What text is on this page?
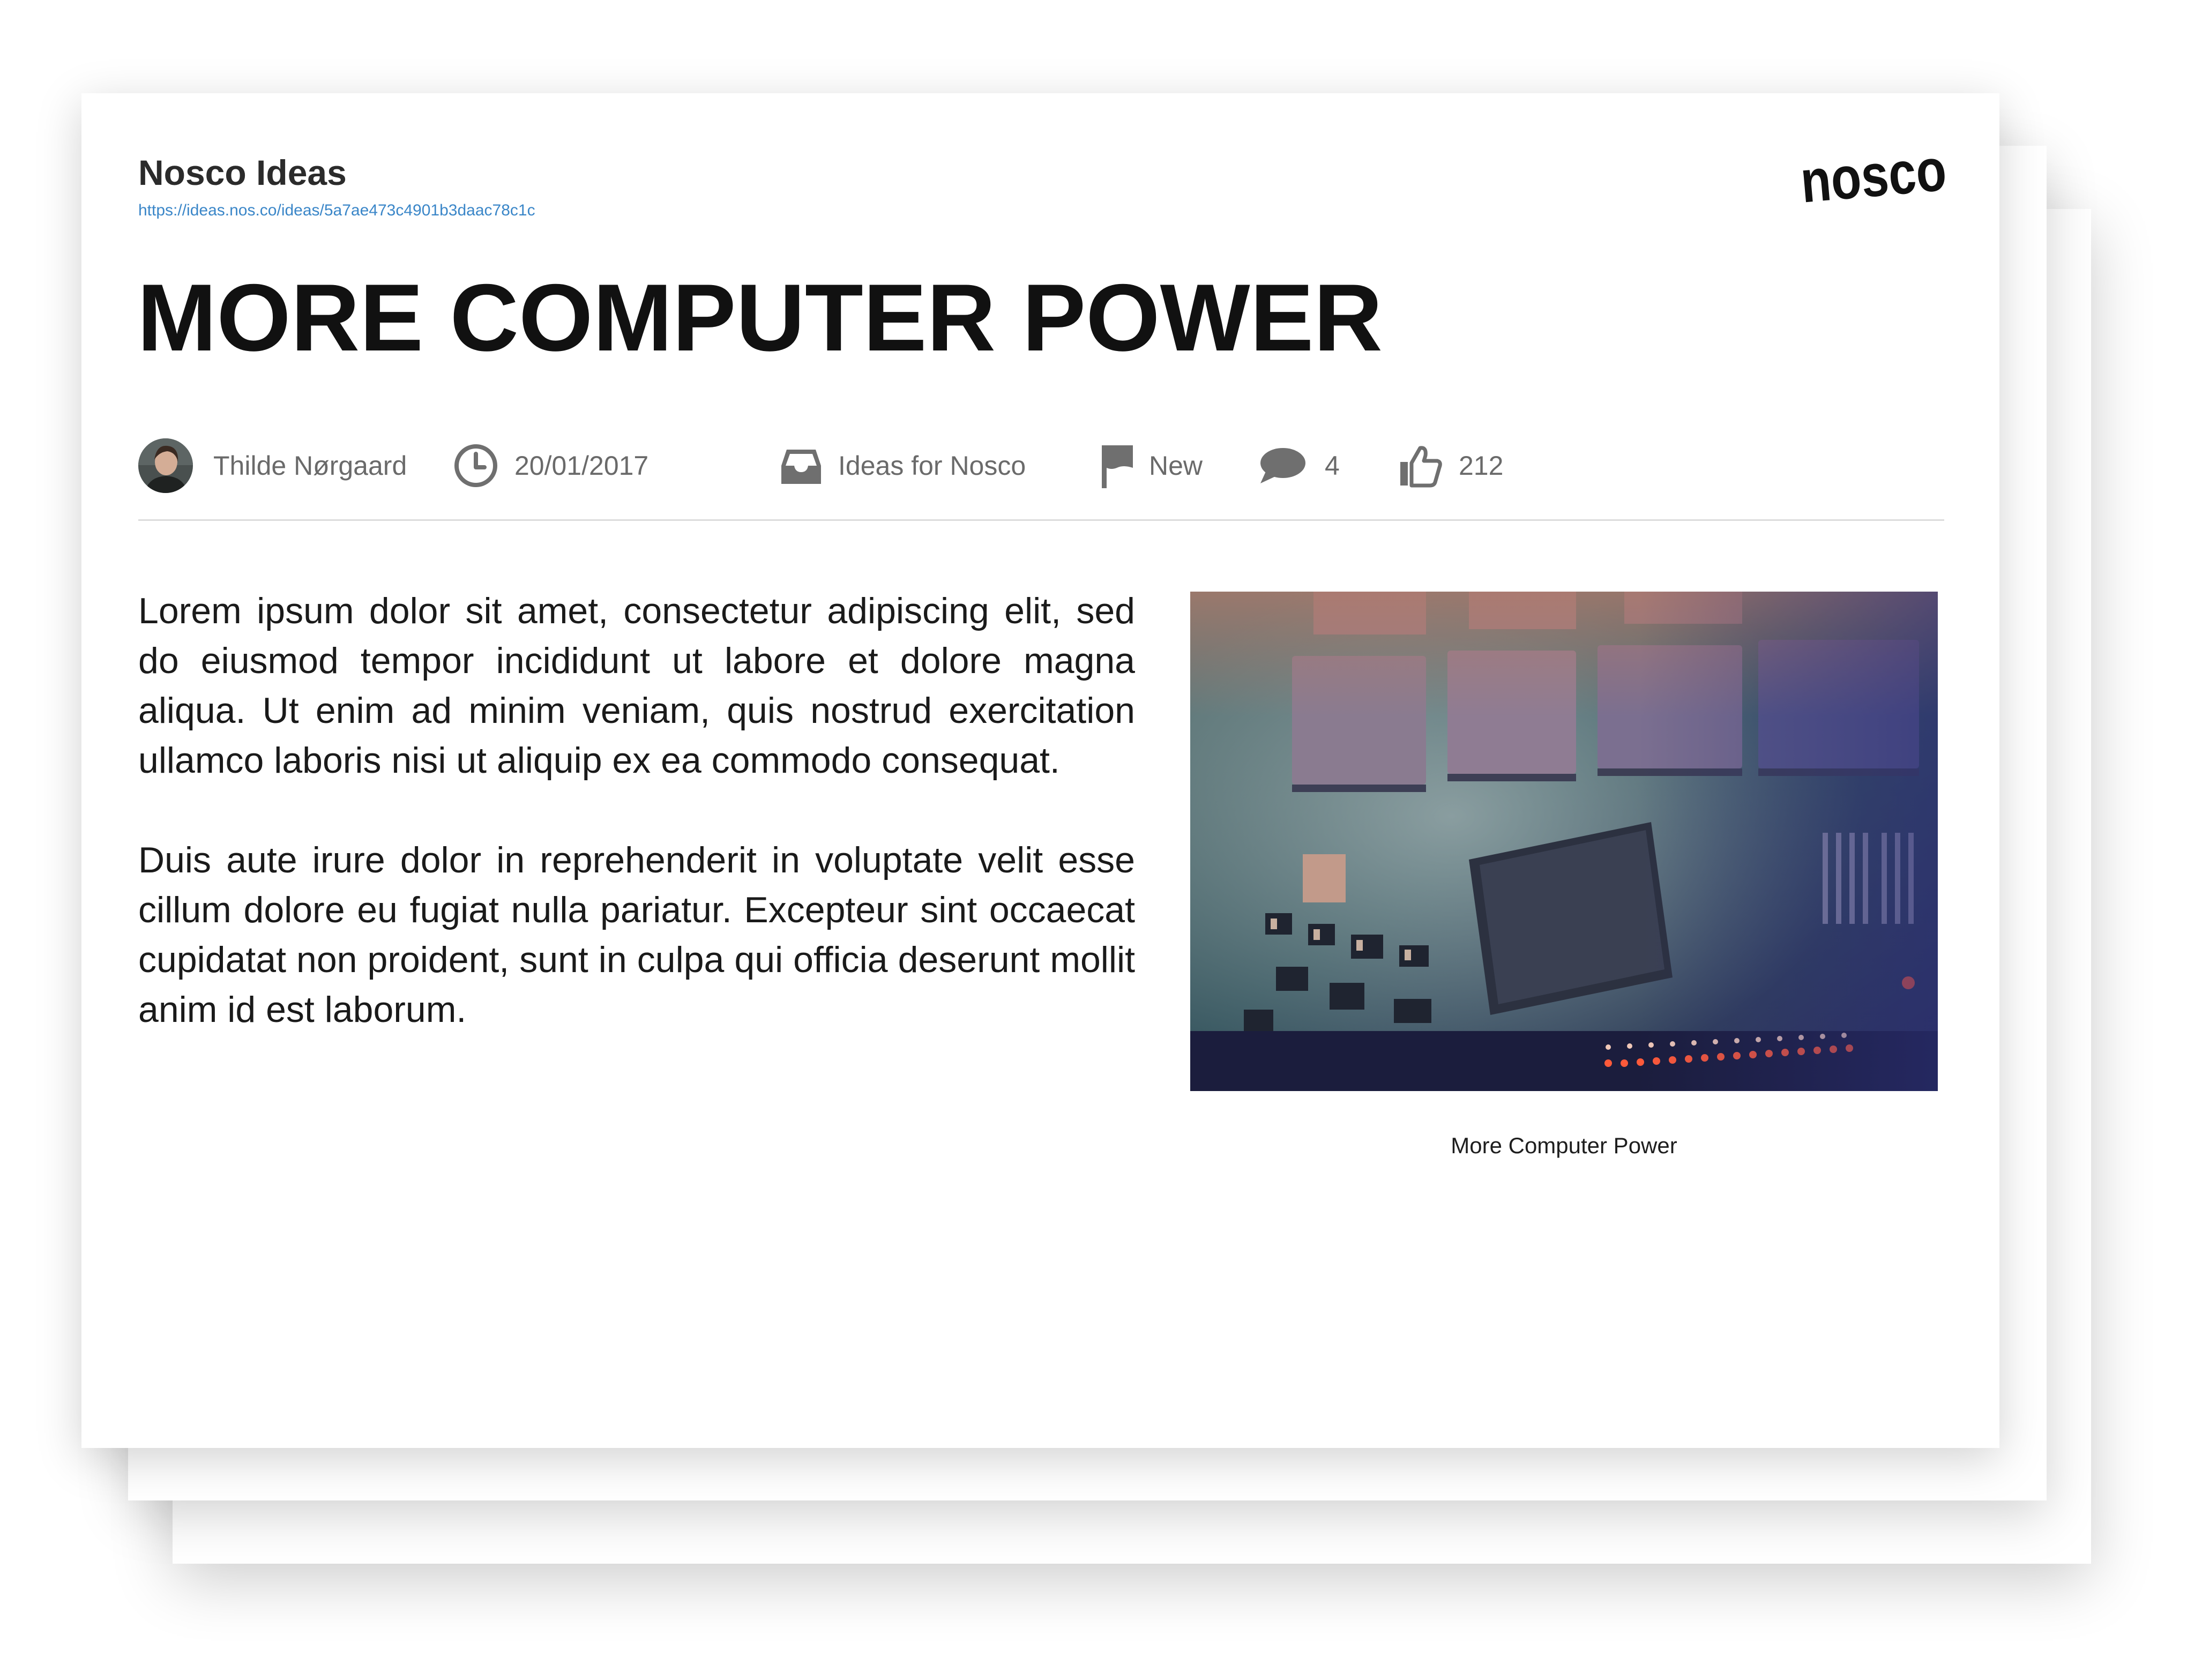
Nosco Ideas
https://ideas.nos.co/ideas/5a7ae473c4901b3daac78c1c	nosco
MORE COMPUTER POWER
Thilde Nørgaard	20/01/2017	Ideas for Nosco	New	4	212

Lorem ipsum dolor sit amet, consectetur adipiscing elit, sed do eiusmod tempor incididunt ut labore et dolore magna aliqua. Ut enim ad minim veniam, quis nostrud exercitation ullamco laboris nisi ut aliquip ex ea commodo consequat.

Duis aute irure dolor in reprehenderit in voluptate velit esse cillum dolore eu fugiat nulla pariatur. Excepteur sint occaecat cupidatat non proident, sunt in culpa qui officia deserunt mollit anim id est laborum.

More Computer Power
